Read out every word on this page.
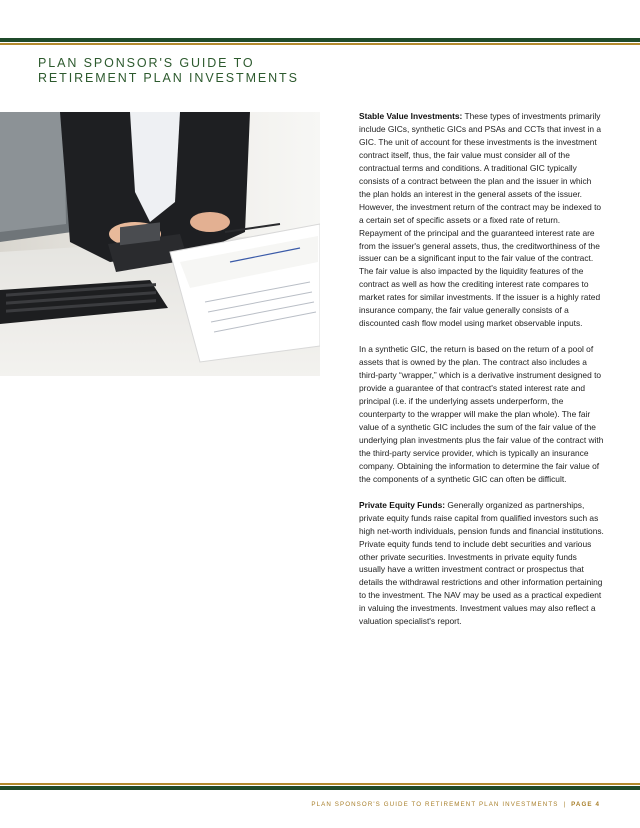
PLAN SPONSOR'S GUIDE TO
RETIREMENT PLAN INVESTMENTS

Stable Value Investments: These types of investments primarily include GICs, synthetic GICs and PSAs and CCTs that invest in a GIC. The unit of account for these investments is the investment contract itself, thus, the fair value must consider all of the contractual terms and conditions. A traditional GIC typically consists of a contract between the plan and the issuer in which the plan holds an interest in the general assets of the issuer. However, the investment return of the contract may be indexed to a certain set of specific assets or a fixed rate of return. Repayment of the principal and the guaranteed interest rate are from the issuer's general assets, thus, the creditworthiness of the issuer can be a significant input to the fair value of the contract. The fair value is also impacted by the liquidity features of the contract as well as how the crediting interest rate compares to market rates for similar investments. If the issuer is a highly rated insurance company, the fair value generally consists of a discounted cash flow model using market observable inputs.

In a synthetic GIC, the return is based on the return of a pool of assets that is owned by the plan. The contract also includes a third-party “wrapper,” which is a derivative instrument designed to provide a guarantee of that contract's stated interest rate and principal (i.e. if the underlying assets underperform, the counterparty to the wrapper will make the plan whole). The fair value of a synthetic GIC includes the sum of the fair value of the underlying plan investments plus the fair value of the contract with the third-party service provider, which is typically an insurance company. Obtaining the information to determine the fair value of the components of a synthetic GIC can often be difficult.

Private Equity Funds: Generally organized as partnerships, private equity funds raise capital from qualified investors such as high net-worth individuals, pension funds and financial institutions. Private equity funds tend to include debt securities and various other private securities. Investments in private equity funds usually have a written investment contract or prospectus that details the withdrawal restrictions and other information pertaining to the investment. The NAV may be used as a practical expedient in valuing the investments. Investment values may also reflect a valuation specialist's report.

PLAN SPONSOR'S GUIDE TO RETIREMENT PLAN INVESTMENTS | PAGE 4
